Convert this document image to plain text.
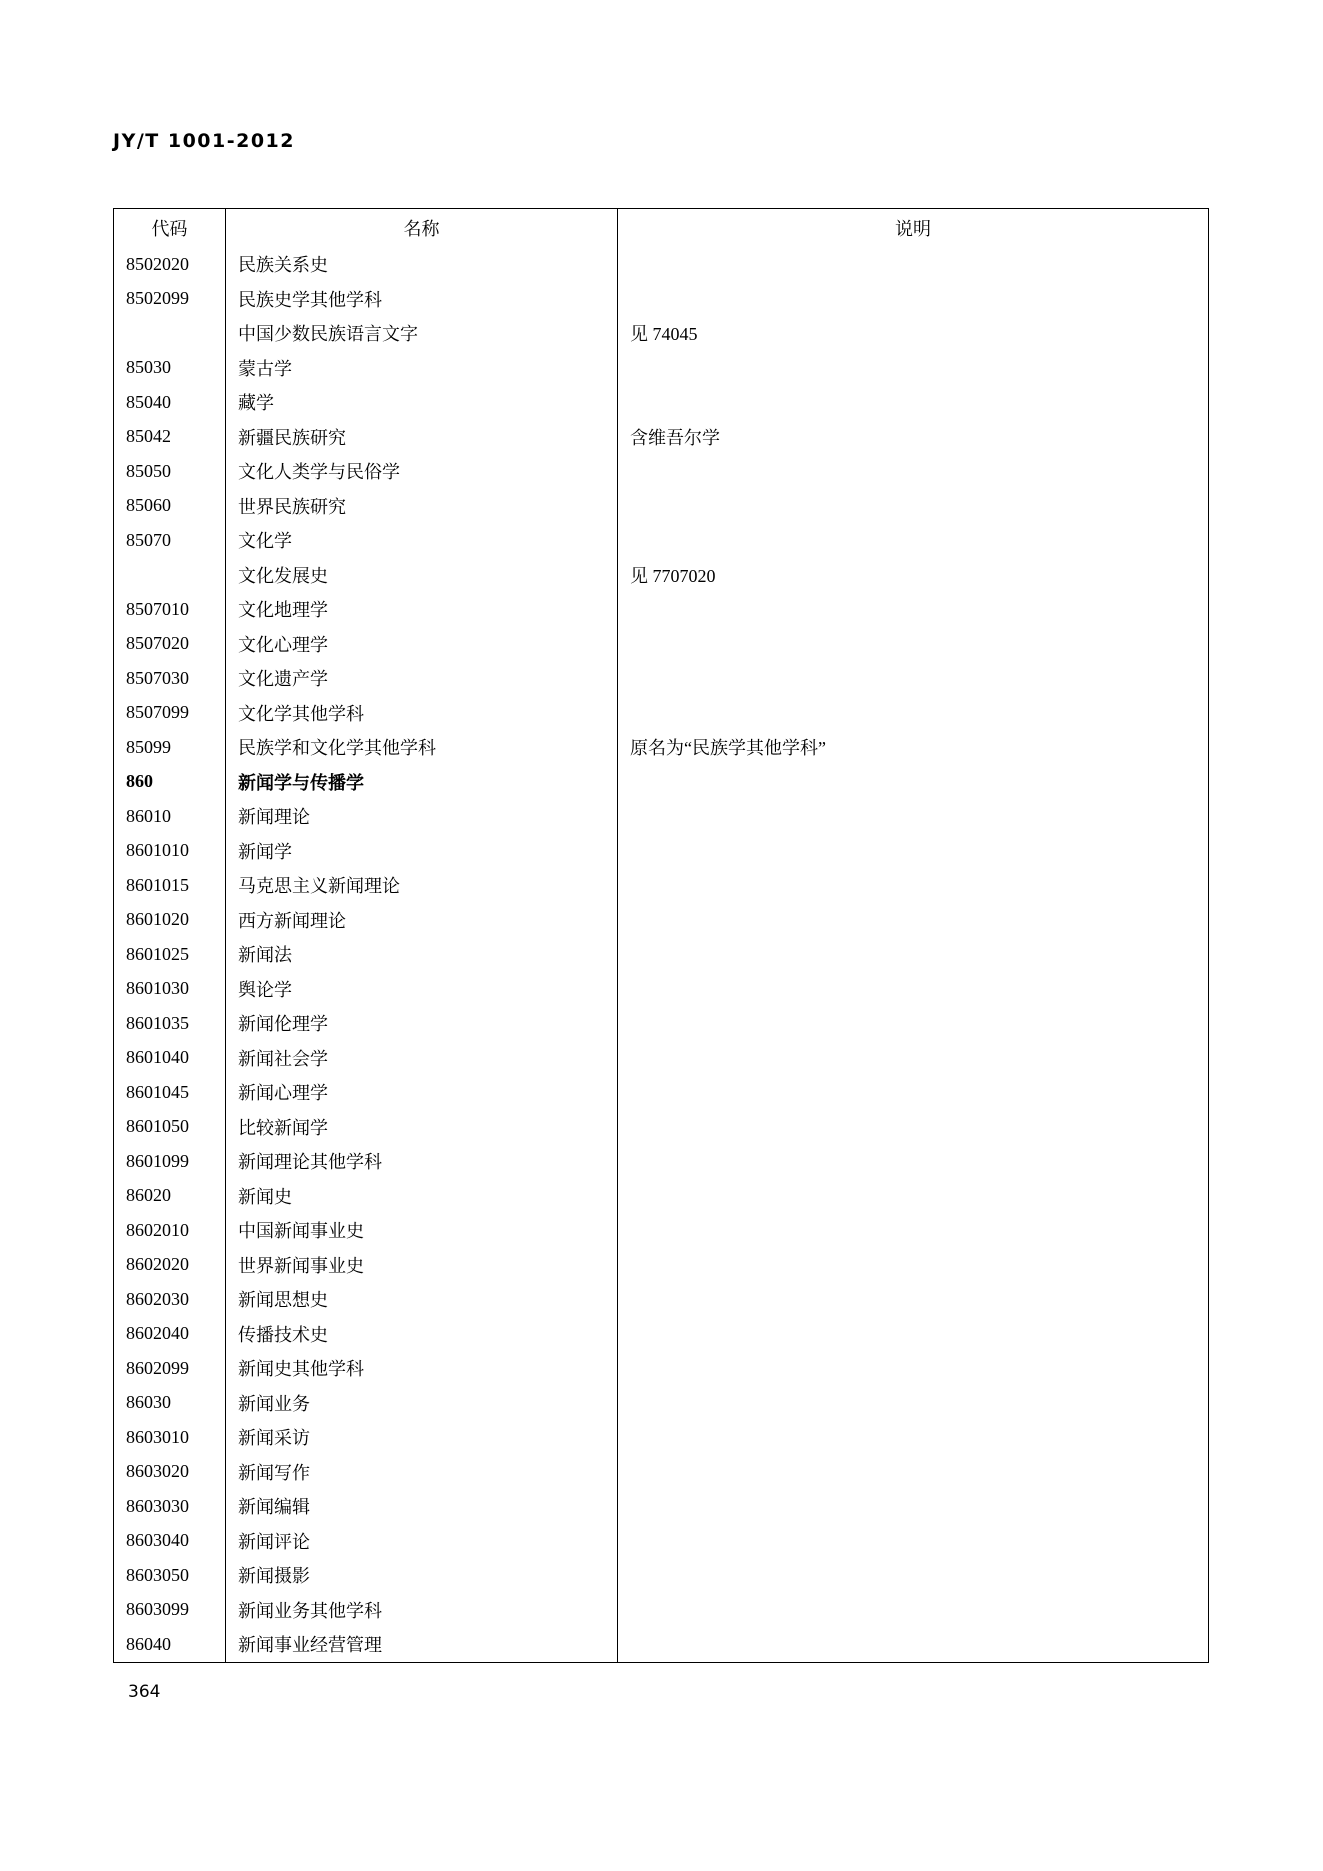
JY/T 1001-2012
代码	名称	说明
8502020	民族关系史	
8502099	民族史学其他学科	
	中国少数民族语言文字	见 74045
85030	蒙古学	
85040	藏学	
85042	新疆民族研究	含维吾尔学
85050	文化人类学与民俗学	
85060	世界民族研究	
85070	文化学	
	文化发展史	见 7707020
8507010	文化地理学	
8507020	文化心理学	
8507030	文化遗产学	
8507099	文化学其他学科	
85099	民族学和文化学其他学科	原名为“民族学其他学科”
860	新闻学与传播学	
86010	新闻理论	
8601010	新闻学	
8601015	马克思主义新闻理论	
8601020	西方新闻理论	
8601025	新闻法	
8601030	舆论学	
8601035	新闻伦理学	
8601040	新闻社会学	
8601045	新闻心理学	
8601050	比较新闻学	
8601099	新闻理论其他学科	
86020	新闻史	
8602010	中国新闻事业史	
8602020	世界新闻事业史	
8602030	新闻思想史	
8602040	传播技术史	
8602099	新闻史其他学科	
86030	新闻业务	
8603010	新闻采访	
8603020	新闻写作	
8603030	新闻编辑	
8603040	新闻评论	
8603050	新闻摄影	
8603099	新闻业务其他学科	
86040	新闻事业经营管理	
364
